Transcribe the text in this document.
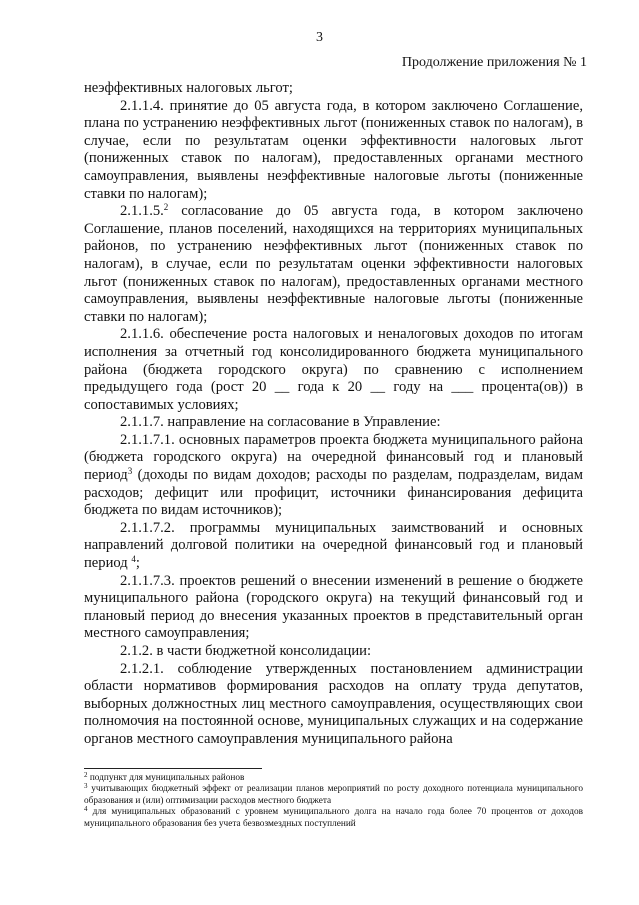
3
Продолжение приложения № 1

неэффективных налоговых льгот;

2.1.1.4. принятие до 05 августа года, в котором заключено Соглашение, плана по устранению неэффективных льгот (пониженных ставок по налогам), в случае, если по результатам оценки эффективности налоговых льгот (пониженных ставок по налогам), предоставленных органами местного самоуправления, выявлены неэффективные налоговые льготы (пониженные ставки по налогам);

2.1.1.5.$^2$ согласование до 05 августа года, в котором заключено Соглашение, планов поселений, находящихся на территориях муниципальных районов, по устранению неэффективных льгот (пониженных ставок по налогам), в случае, если по результатам оценки эффективности налоговых льгот (пониженных ставок по налогам), предоставленных органами местного самоуправления, выявлены неэффективные налоговые льготы (пониженные ставки по налогам);

2.1.1.6. обеспечение роста налоговых и неналоговых доходов по итогам исполнения за отчетный год консолидированного бюджета муниципального района (бюджета городского округа) по сравнению с исполнением предыдущего года (рост 20 __ года к 20 __ году на ___ процента(ов)) в сопоставимых условиях;

2.1.1.7. направление на согласование в Управление:

2.1.1.7.1. основных параметров проекта бюджета муниципального района (бюджета городского округа) на очередной финансовый год и плановый период$^3$ (доходы по видам доходов; расходы по разделам, подразделам, видам расходов; дефицит или профицит, источники финансирования дефицита бюджета по видам источников);

2.1.1.7.2. программы муниципальных заимствований и основных направлений долговой политики на очередной финансовый год и плановый период $^4$;

2.1.1.7.3. проектов решений о внесении изменений в решение о бюджете муниципального района (городского округа) на текущий финансовый год и плановый период до внесения указанных проектов в представительный орган местного самоуправления;

2.1.2. в части бюджетной консолидации:

2.1.2.1. соблюдение утвержденных постановлением администрации области нормативов формирования расходов на оплату труда депутатов, выборных должностных лиц местного самоуправления, осуществляющих свои полномочия на постоянной основе, муниципальных служащих и на содержание органов местного самоуправления муниципального района

$^2$ подпункт для муниципальных районов

$^3$ учитывающих бюджетный эффект от реализации планов мероприятий по росту доходного потенциала муниципального образования и (или) оптимизации расходов местного бюджета

$^4$ для муниципальных образований с уровнем муниципального долга на начало года более 70 процентов от доходов муниципального образования без учета безвозмездных поступлений
